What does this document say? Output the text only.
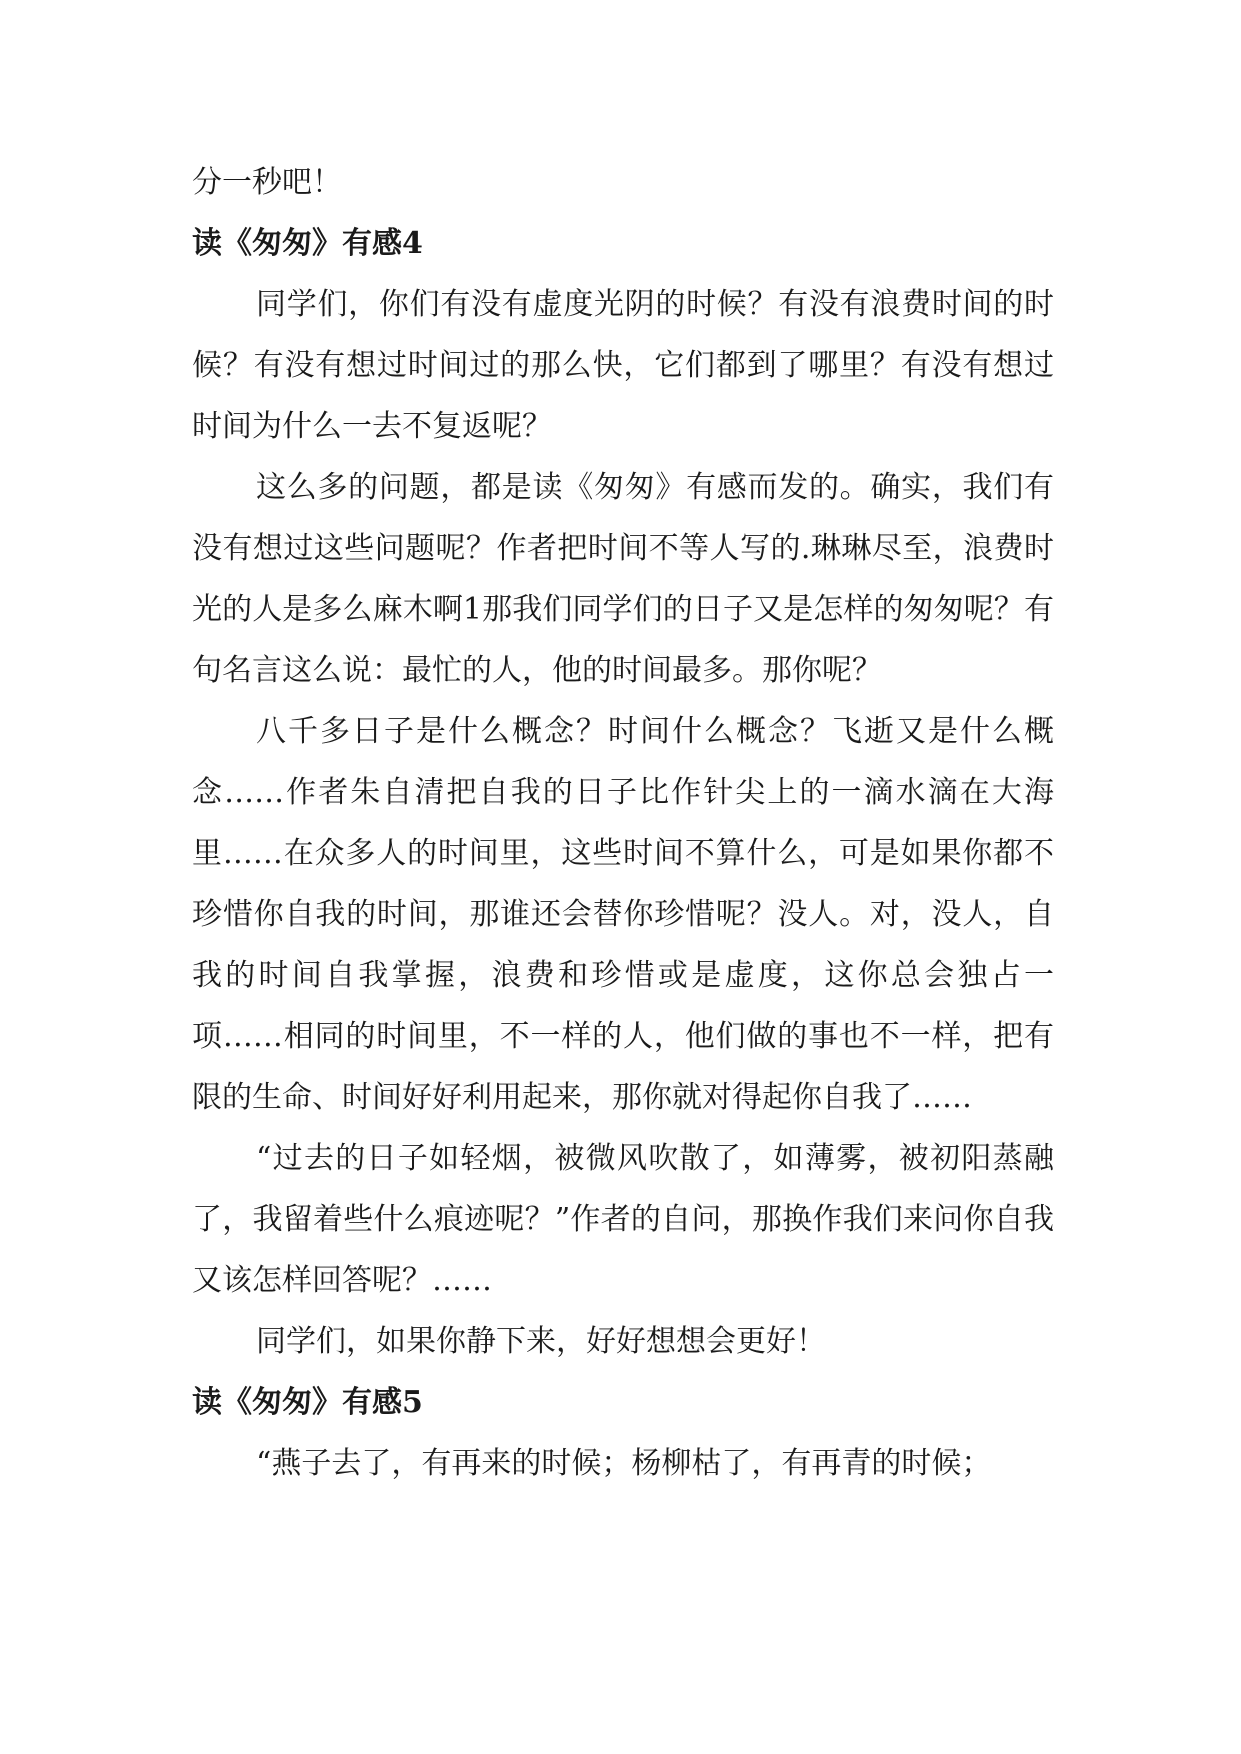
分一秒吧！

读《匆匆》有感4

同学们，你们有没有虚度光阴的时候？有没有浪费时间的时候？有没有想过时间过的那么快，它们都到了哪里？有没有想过时间为什么一去不复返呢？

这么多的问题，都是读《匆匆》有感而发的。确实，我们有没有想过这些问题呢？作者把时间不等人写的.琳琳尽至，浪费时光的人是多么麻木啊1那我们同学们的日子又是怎样的匆匆呢？有句名言这么说：最忙的人，他的时间最多。那你呢？

八千多日子是什么概念？时间什么概念？飞逝又是什么概念……作者朱自清把自我的日子比作针尖上的一滴水滴在大海里……在众多人的时间里，这些时间不算什么，可是如果你都不珍惜你自我的时间，那谁还会替你珍惜呢？没人。对，没人，自我的时间自我掌握，浪费和珍惜或是虚度，这你总会独占一项……相同的时间里，不一样的人，他们做的事也不一样，把有限的生命、时间好好利用起来，那你就对得起你自我了……

“过去的日子如轻烟，被微风吹散了，如薄雾，被初阳蒸融了，我留着些什么痕迹呢？”作者的自问，那换作我们来问你自我又该怎样回答呢？……

同学们，如果你静下来，好好想想会更好！

读《匆匆》有感5

“燕子去了，有再来的时候；杨柳枯了，有再青的时候；
